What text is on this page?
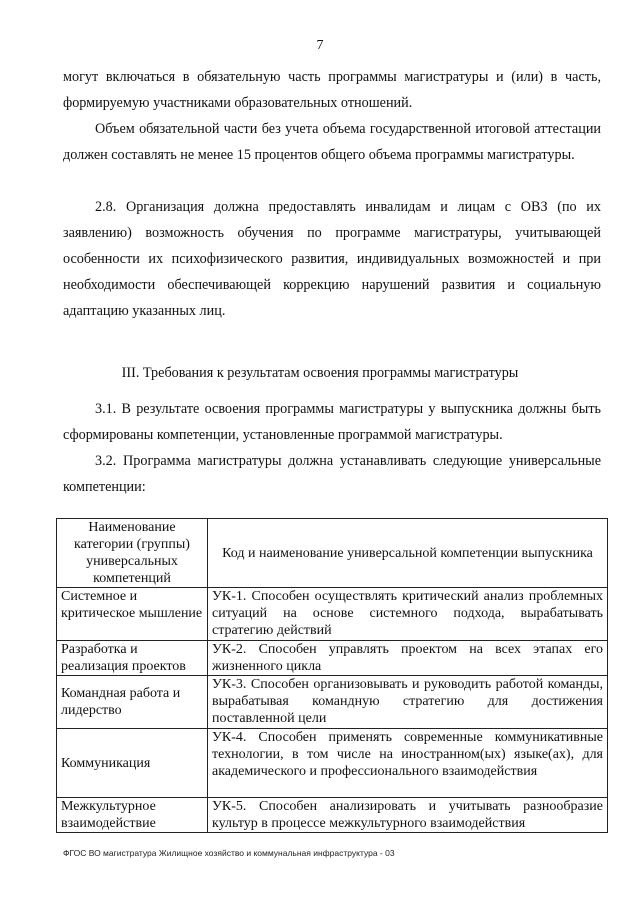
7

могут включаться в обязательную часть программы магистратуры и (или) в часть, формируемую участниками образовательных отношений.

Объем обязательной части без учета объема государственной итоговой аттестации должен составлять не менее 15 процентов общего объема программы магистратуры.

2.8. Организация должна предоставлять инвалидам и лицам с ОВЗ (по их заявлению) возможность обучения по программе магистратуры, учитывающей особенности их психофизического развития, индивидуальных возможностей и при необходимости обеспечивающей коррекцию нарушений развития и социальную адаптацию указанных лиц.

III. Требования к результатам освоения программы магистратуры

3.1. В результате освоения программы магистратуры у выпускника должны быть сформированы компетенции, установленные программой магистратуры.

3.2. Программа магистратуры должна устанавливать следующие универсальные компетенции:

Наименование категории (группы) универсальных компетенций	Код и наименование универсальной компетенции выпускника
Системное и критическое мышление	УК-1. Способен осуществлять критический анализ проблемных ситуаций на основе системного подхода, вырабатывать стратегию действий
Разработка и реализация проектов	УК-2. Способен управлять проектом на всех этапах его жизненного цикла
Командная работа и лидерство	УК-3. Способен организовывать и руководить работой команды, вырабатывая командную стратегию для достижения поставленной цели
Коммуникация	УК-4. Способен применять современные коммуникативные технологии, в том числе на иностранном(ых) языке(ах), для академического и профессионального взаимодействия
Межкультурное взаимодействие	УК-5. Способен анализировать и учитывать разнообразие культур в процессе межкультурного взаимодействия
ФГОС ВО магистратура Жилищное хозяйство и коммунальная инфраструктура - 03
